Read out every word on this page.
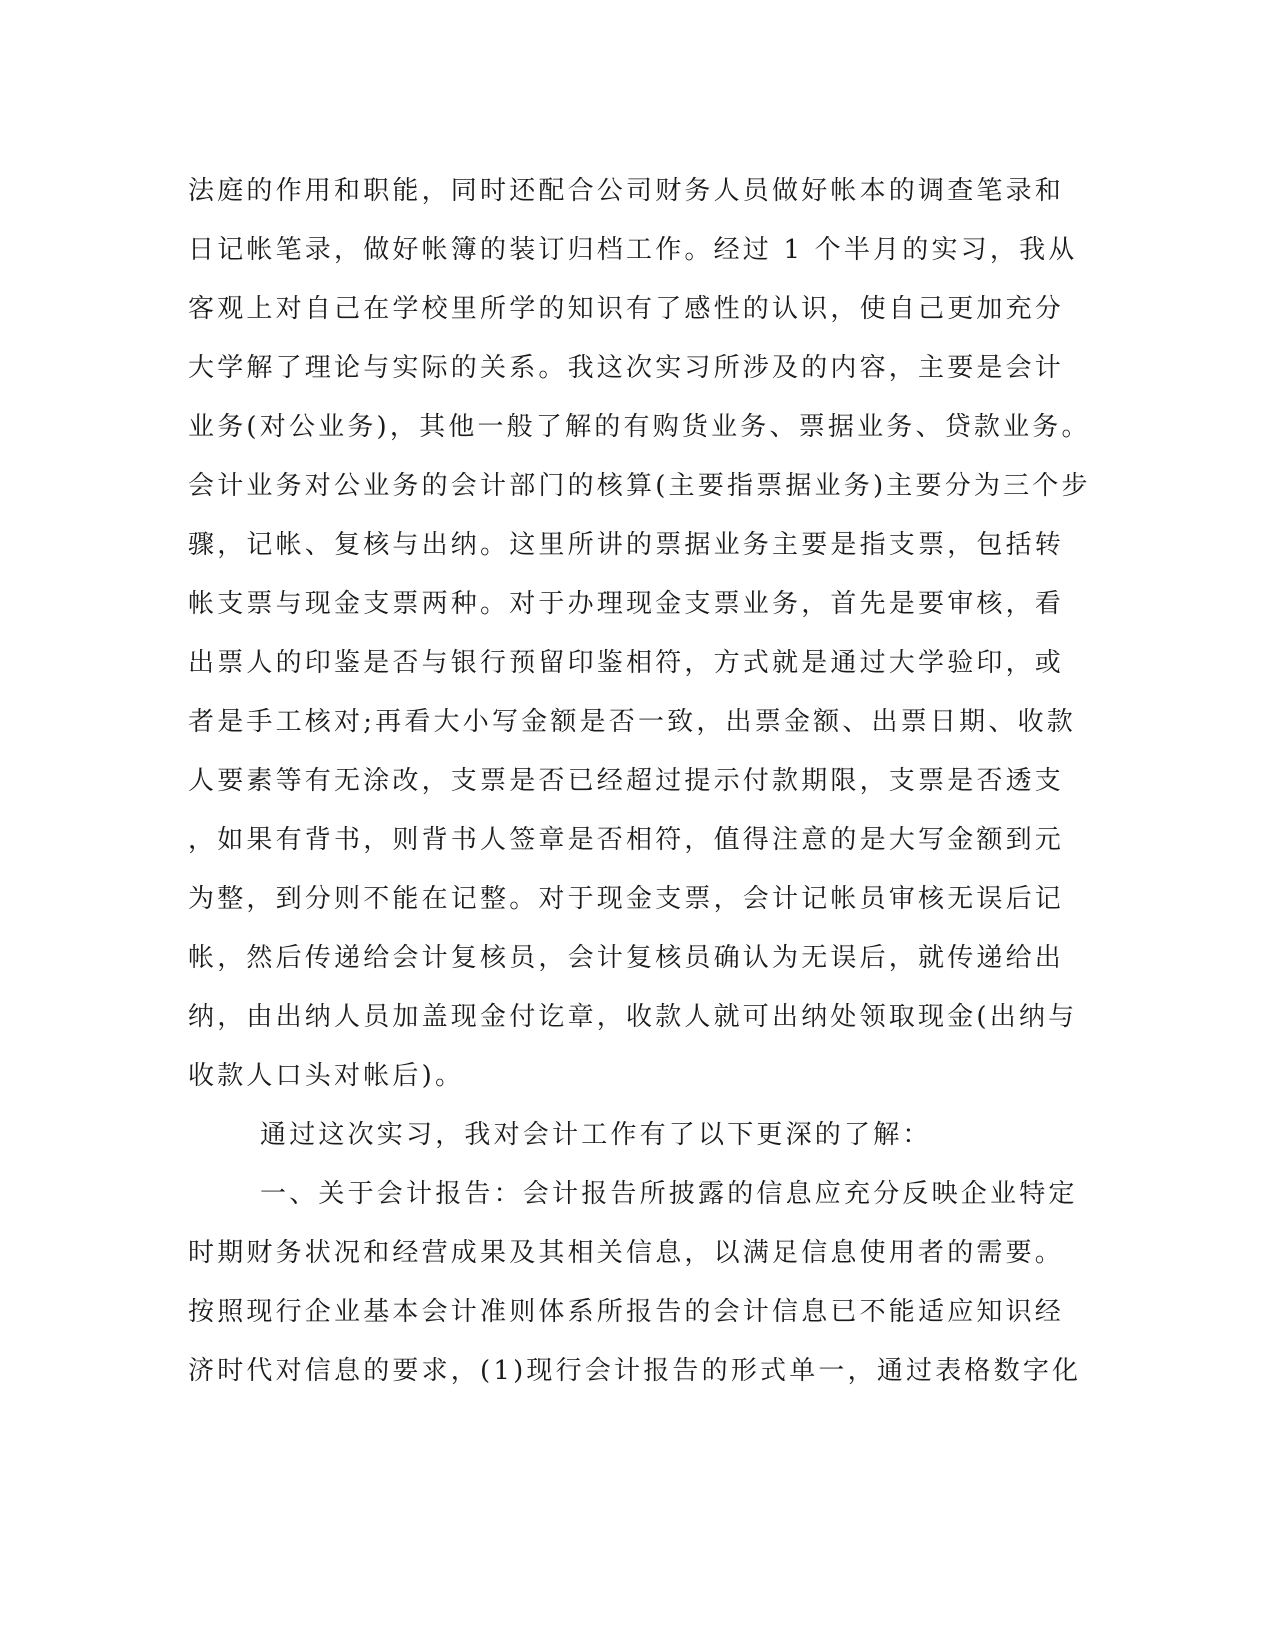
法庭的作用和职能，同时还配合公司财务人员做好帐本的调查笔录和
日记帐笔录，做好帐簿的装订归档工作。经过 1 个半月的实习，我从
客观上对自己在学校里所学的知识有了感性的认识，使自己更加充分
大学解了理论与实际的关系。我这次实习所涉及的内容，主要是会计
业务(对公业务)，其他一般了解的有购货业务、票据业务、贷款业务。
会计业务对公业务的会计部门的核算(主要指票据业务)主要分为三个步
骤，记帐、复核与出纳。这里所讲的票据业务主要是指支票，包括转
帐支票与现金支票两种。对于办理现金支票业务，首先是要审核，看
出票人的印鉴是否与银行预留印鉴相符，方式就是通过大学验印，或
者是手工核对;再看大小写金额是否一致，出票金额、出票日期、收款
人要素等有无涂改，支票是否已经超过提示付款期限，支票是否透支
，如果有背书，则背书人签章是否相符，值得注意的是大写金额到元
为整，到分则不能在记整。对于现金支票，会计记帐员审核无误后记
帐，然后传递给会计复核员，会计复核员确认为无误后，就传递给出
纳，由出纳人员加盖现金付讫章，收款人就可出纳处领取现金(出纳与
收款人口头对帐后)。
通过这次实习，我对会计工作有了以下更深的了解：
一、关于会计报告：会计报告所披露的信息应充分反映企业特定
时期财务状况和经营成果及其相关信息，以满足信息使用者的需要。
按照现行企业基本会计准则体系所报告的会计信息已不能适应知识经
济时代对信息的要求，(1)现行会计报告的形式单一，通过表格数字化
